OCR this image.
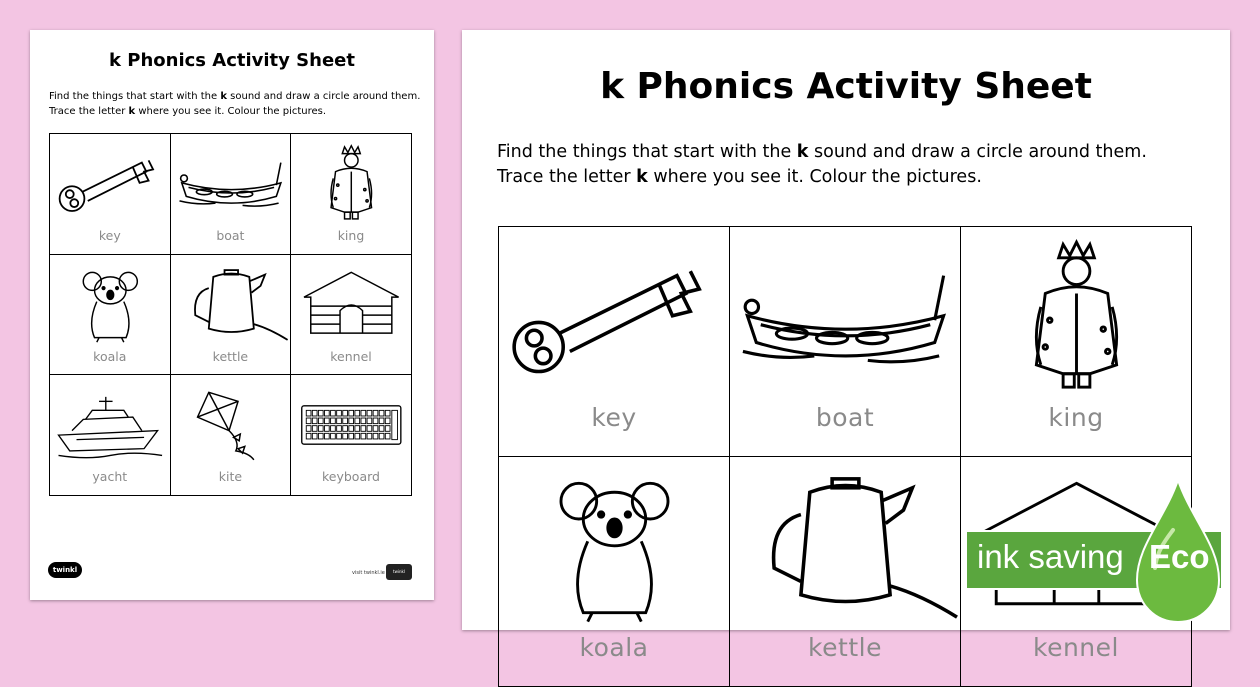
k Phonics Activity Sheet
Find the things that start with the k sound and draw a circle around them.
Trace the letter k where you see it. Colour the pictures.
key	boat	king
koala	kettle	kennel
yacht	kite	keyboard
twinkl	visit twinkl.ie	twinkl
k Phonics Activity Sheet
Find the things that start with the k sound and draw a circle around them.
Trace the letter k where you see it. Colour the pictures.
key	boat	king
koala	kettle	kennel
ink saving Eco
